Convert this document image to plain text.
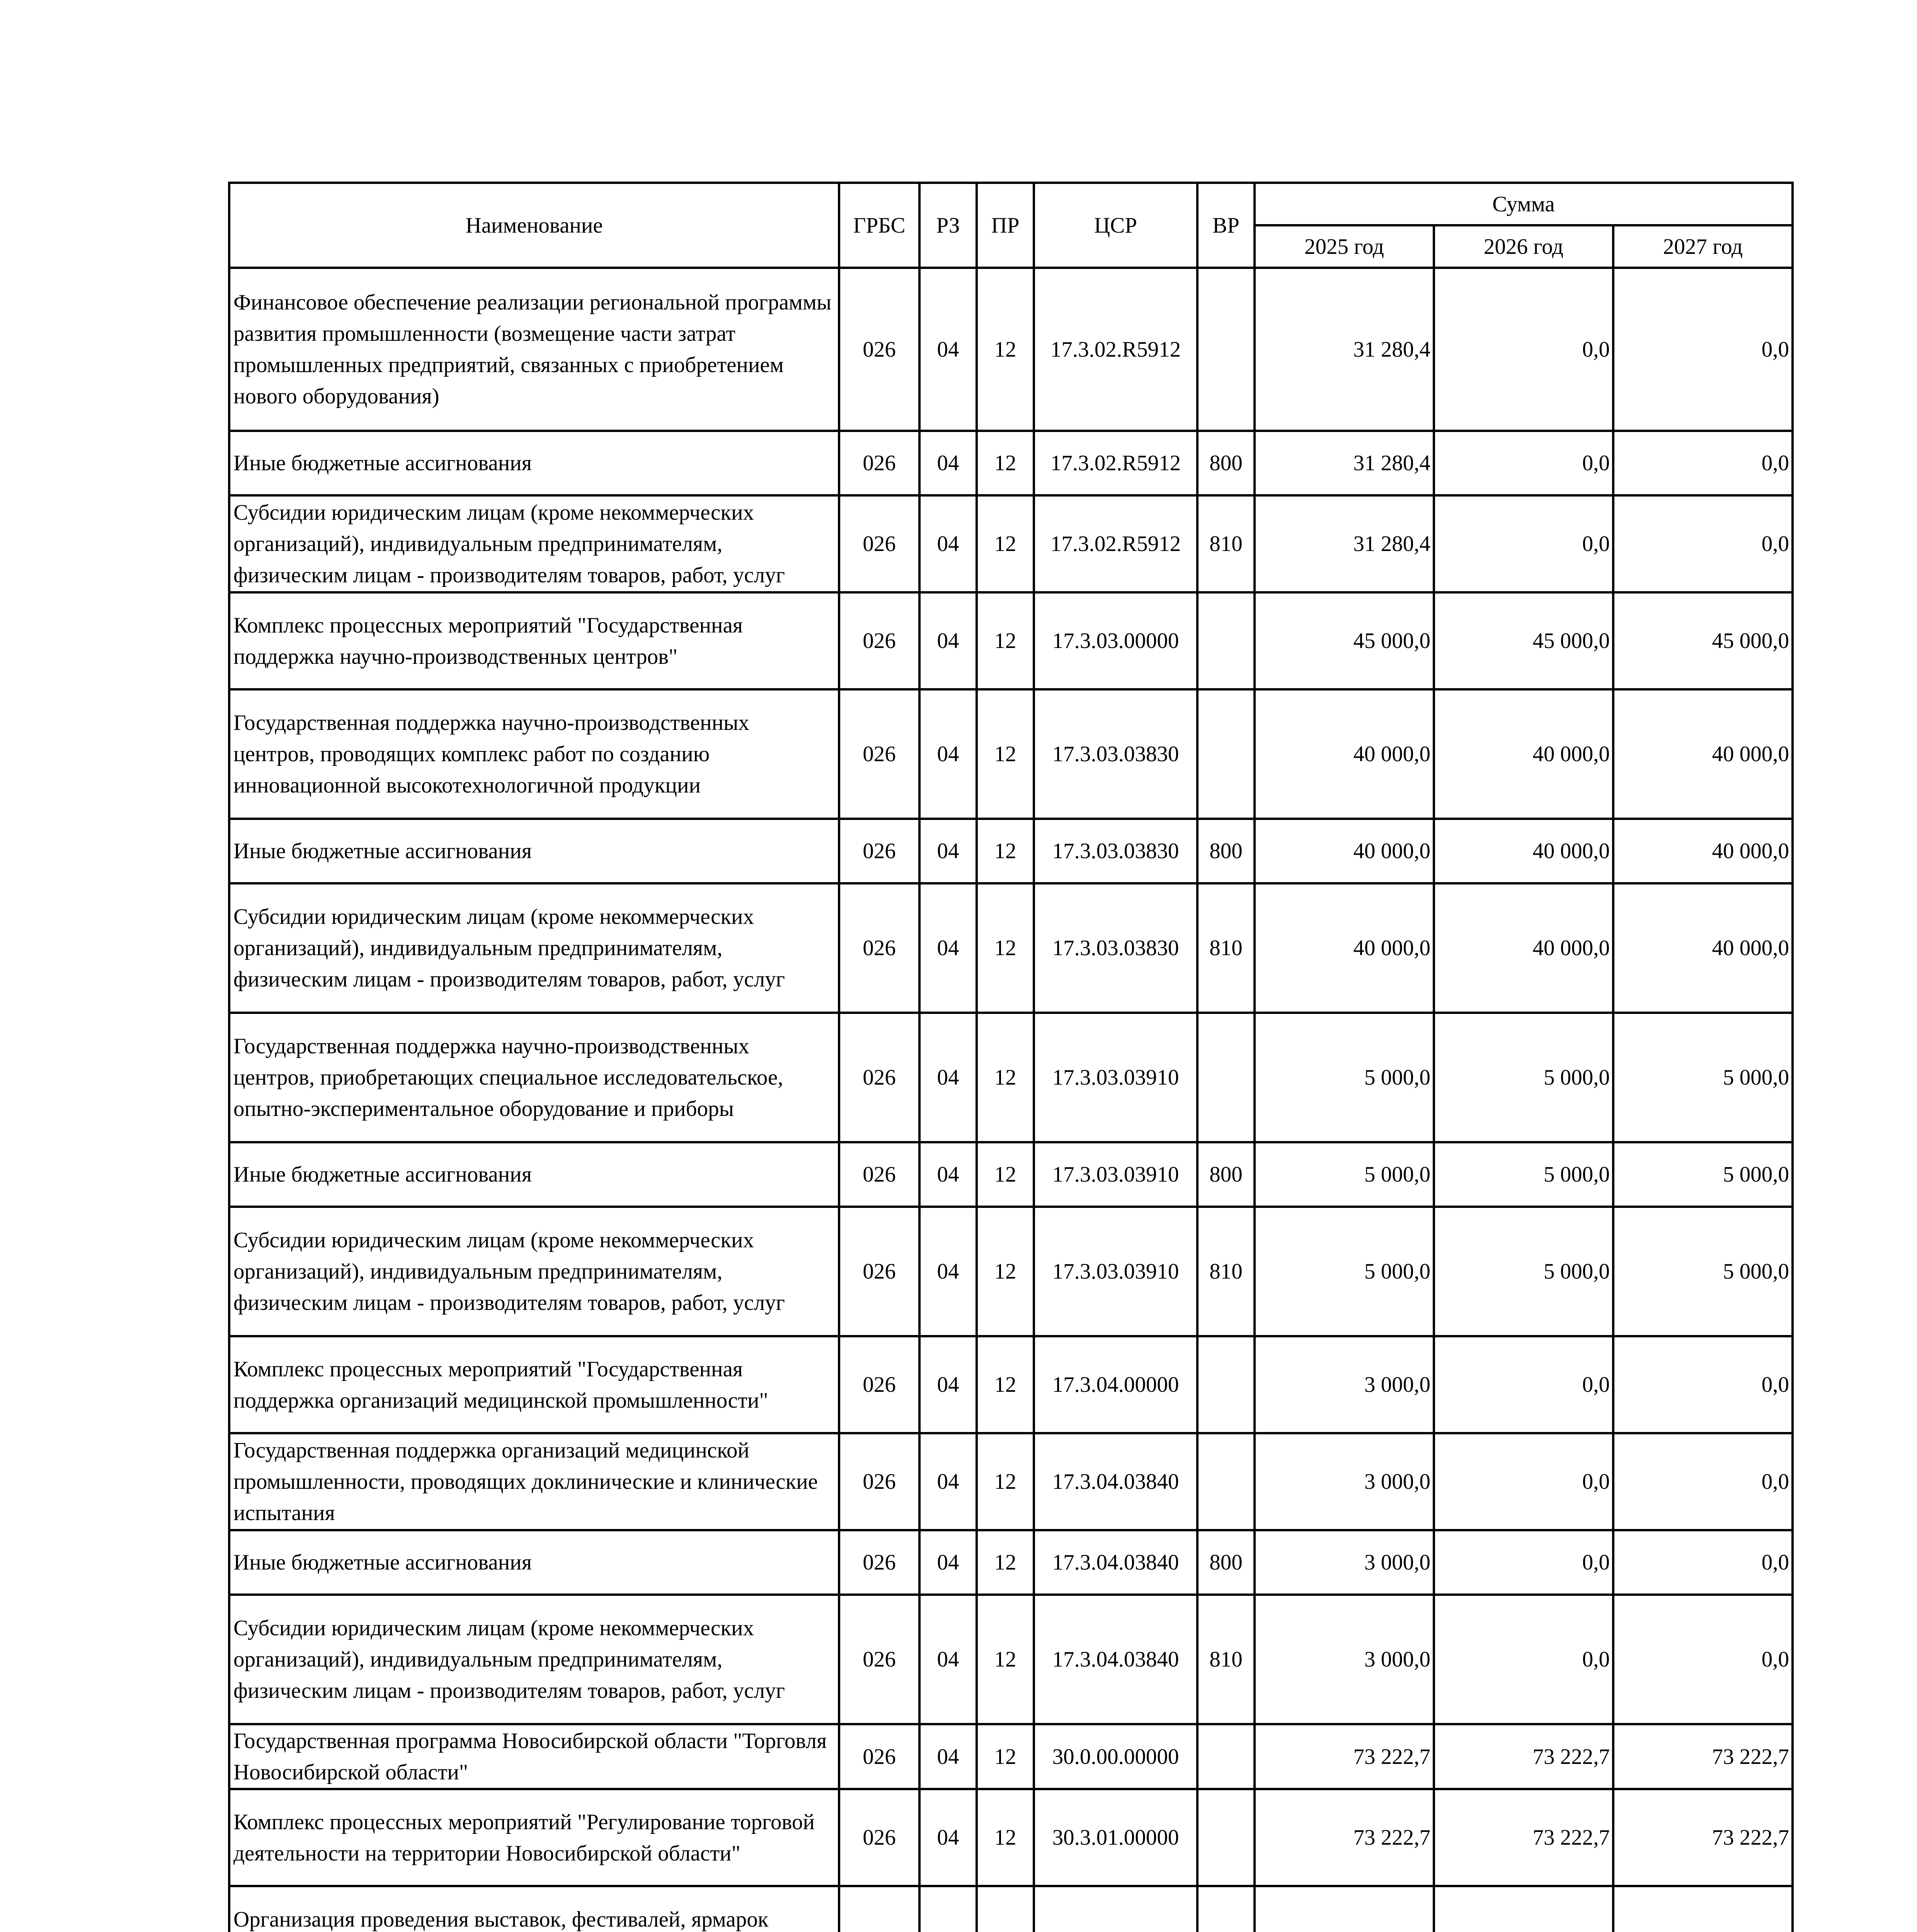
Наименование	ГРБС	РЗ	ПР	ЦСР	ВР	Сумма		
						2025 год	2026 год	2027 год
Финансовое обеспечение реализации региональной программы развития промышленности (возмещение части затрат промышленных предприятий, связанных с приобретением нового оборудования)	026	04	12	17.3.02.R5912		31 280,4	0,0	0,0
Иные бюджетные ассигнования	026	04	12	17.3.02.R5912	800	31 280,4	0,0	0,0
Субсидии юридическим лицам (кроме некоммерческих организаций), индивидуальным предпринимателям, физическим лицам - производителям товаров, работ, услуг	026	04	12	17.3.02.R5912	810	31 280,4	0,0	0,0
Комплекс процессных мероприятий "Государственная поддержка научно-производственных центров"	026	04	12	17.3.03.00000		45 000,0	45 000,0	45 000,0
Государственная поддержка научно-производственных центров, проводящих комплекс работ по созданию инновационной высокотехнологичной продукции	026	04	12	17.3.03.03830		40 000,0	40 000,0	40 000,0
Иные бюджетные ассигнования	026	04	12	17.3.03.03830	800	40 000,0	40 000,0	40 000,0
Субсидии юридическим лицам (кроме некоммерческих организаций), индивидуальным предпринимателям, физическим лицам - производителям товаров, работ, услуг	026	04	12	17.3.03.03830	810	40 000,0	40 000,0	40 000,0
Государственная поддержка научно-производственных центров, приобретающих специальное исследовательское, опытно-экспериментальное оборудование и приборы	026	04	12	17.3.03.03910		5 000,0	5 000,0	5 000,0
Иные бюджетные ассигнования	026	04	12	17.3.03.03910	800	5 000,0	5 000,0	5 000,0
Субсидии юридическим лицам (кроме некоммерческих организаций), индивидуальным предпринимателям, физическим лицам - производителям товаров, работ, услуг	026	04	12	17.3.03.03910	810	5 000,0	5 000,0	5 000,0
Комплекс процессных мероприятий "Государственная поддержка организаций медицинской промышленности"	026	04	12	17.3.04.00000		3 000,0	0,0	0,0
Государственная поддержка организаций медицинской промышленности, проводящих доклинические и клинические испытания	026	04	12	17.3.04.03840		3 000,0	0,0	0,0
Иные бюджетные ассигнования	026	04	12	17.3.04.03840	800	3 000,0	0,0	0,0
Субсидии юридическим лицам (кроме некоммерческих организаций), индивидуальным предпринимателям, физическим лицам - производителям товаров, работ, услуг	026	04	12	17.3.04.03840	810	3 000,0	0,0	0,0
Государственная программа Новосибирской области "Торговля Новосибирской области"	026	04	12	30.0.00.00000		73 222,7	73 222,7	73 222,7
Комплекс процессных мероприятий "Регулирование торговой деятельности на территории Новосибирской области"	026	04	12	30.3.01.00000		73 222,7	73 222,7	73 222,7
Организация проведения выставок, фестивалей, ярмарок								
